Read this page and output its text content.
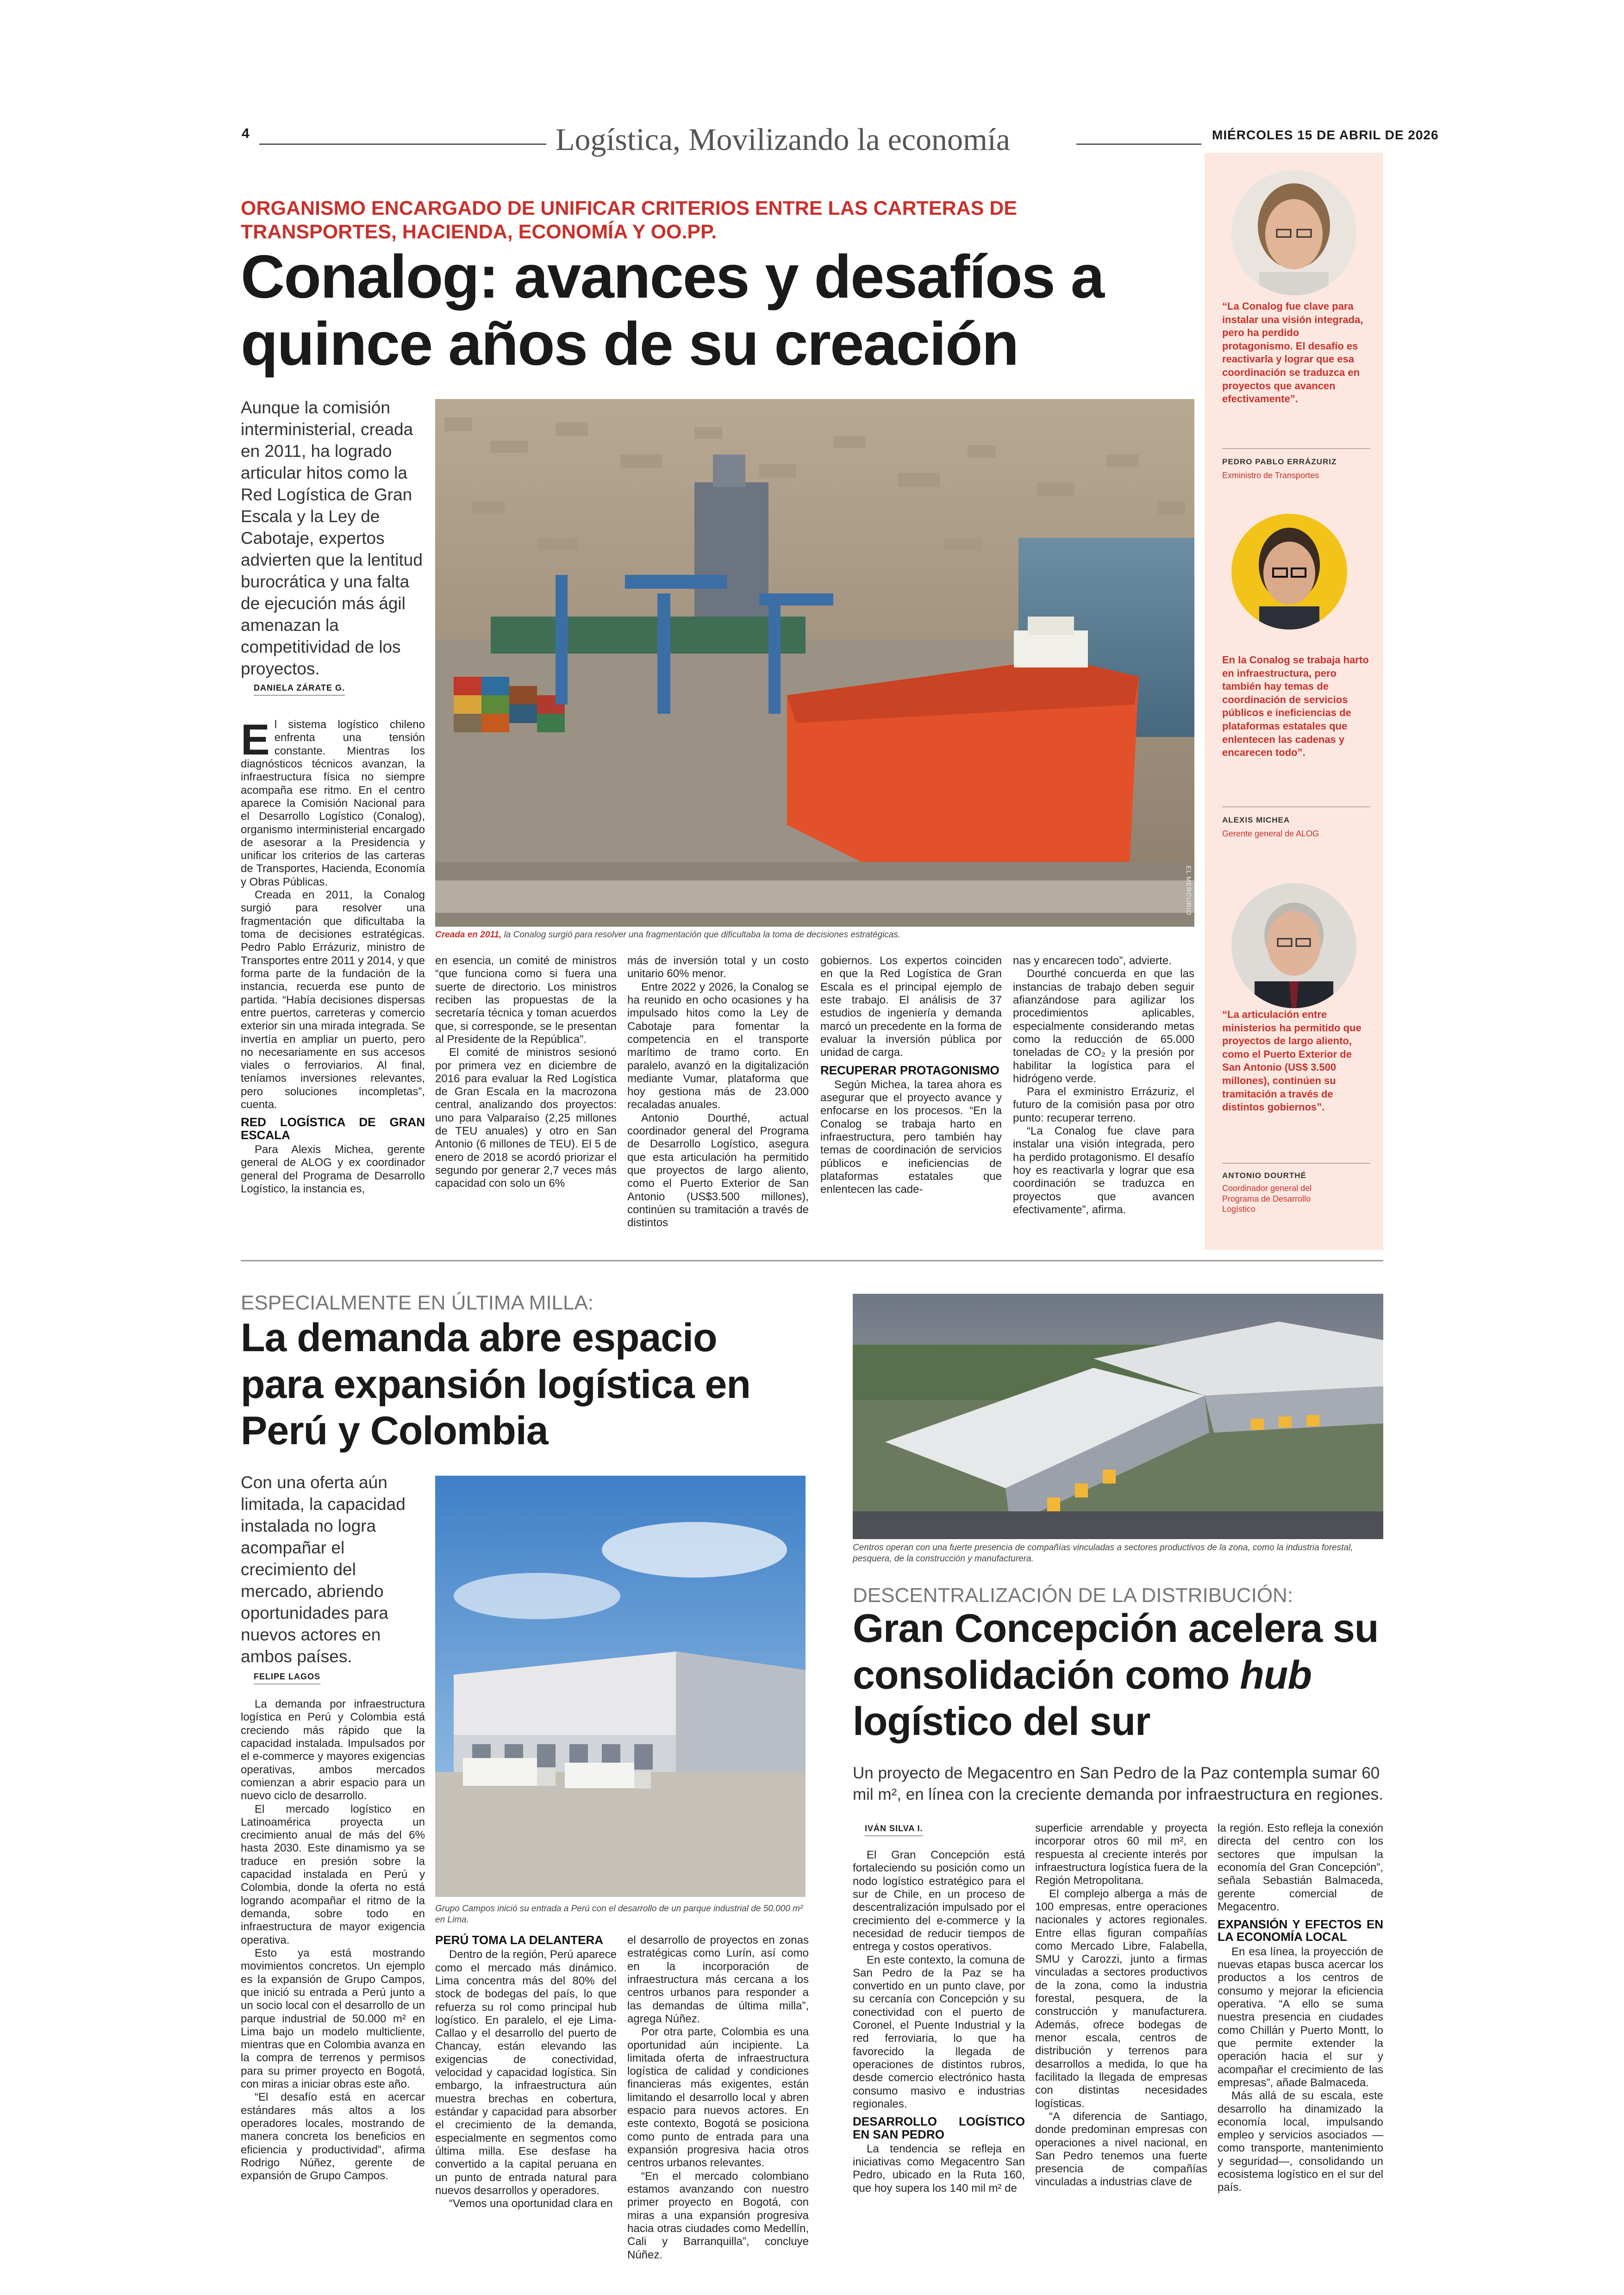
4	Logística, Movilizando la economía	MIÉRCOLES 15 DE ABRIL DE 2026
ORGANISMO ENCARGADO DE UNIFICAR CRITERIOS ENTRE LAS CARTERAS DE TRANSPORTES, HACIENDA, ECONOMÍA Y OO.PP.
Conalog: avances y desafíos a quince años de su creación
Aunque la comisión interministerial, creada en 2011, ha logrado articular hitos como la Red Logística de Gran Escala y la Ley de Cabotaje, expertos advierten que la lentitud burocrática y una falta de ejecución más ágil amenazan la competitividad de los proyectos.
DANIELA ZÁRATE G.
EL MERCURIO
Creada en 2011, la Conalog surgió para resolver una fragmentación que dificultaba la toma de decisiones estratégicas.

El sistema logístico chileno enfrenta una tensión constante. Mientras los diagnósticos técnicos avanzan, la infraestructura física no siempre acompaña ese ritmo. En el centro aparece la Comisión Nacional para el Desarrollo Logístico (Conalog), organismo interministerial encargado de asesorar a la Presidencia y unificar los criterios de las carteras de Transportes, Hacienda, Economía y Obras Públicas.

Creada en 2011, la Conalog surgió para resolver una fragmentación que dificultaba la toma de decisiones estratégicas. Pedro Pablo Errázuriz, ministro de Transportes entre 2011 y 2014, y que forma parte de la fundación de la instancia, recuerda ese punto de partida. “Había decisiones dispersas entre puertos, carreteras y comercio exterior sin una mirada integrada. Se invertía en ampliar un puerto, pero no necesariamente en sus accesos viales o ferroviarios. Al final, teníamos inversiones relevantes, pero soluciones incompletas”, cuenta.

RED LOGÍSTICA DE GRAN ESCALA

Para Alexis Michea, gerente general de ALOG y ex coordinador general del Programa de Desarrollo Logístico, la instancia es,

en esencia, un comité de ministros “que funciona como si fuera una suerte de directorio. Los ministros reciben las propuestas de la secretaría técnica y toman acuerdos que, si corresponde, se le presentan al Presidente de la República”.

El comité de ministros sesionó por primera vez en diciembre de 2016 para evaluar la Red Logística de Gran Escala en la macrozona central, analizando dos proyectos: uno para Valparaíso (2,25 millones de TEU anuales) y otro en San Antonio (6 millones de TEU). El 5 de enero de 2018 se acordó priorizar el segundo por generar 2,7 veces más capacidad con solo un 6%

más de inversión total y un costo unitario 60% menor.

Entre 2022 y 2026, la Conalog se ha reunido en ocho ocasiones y ha impulsado hitos como la Ley de Cabotaje para fomentar la competencia en el transporte marítimo de tramo corto. En paralelo, avanzó en la digitalización mediante Vumar, plataforma que hoy gestiona más de 23.000 recaladas anuales.

Antonio Dourthé, actual coordinador general del Programa de Desarrollo Logístico, asegura que esta articulación ha permitido que proyectos de largo aliento, como el Puerto Exterior de San Antonio (US$3.500 millones), continúen su tramitación a través de distintos

gobiernos. Los expertos coinciden en que la Red Logística de Gran Escala es el principal ejemplo de este trabajo. El análisis de 37 estudios de ingeniería y demanda marcó un precedente en la forma de evaluar la inversión pública por unidad de carga.

RECUPERAR PROTAGONISMO

Según Michea, la tarea ahora es asegurar que el proyecto avance y enfocarse en los procesos. “En la Conalog se trabaja harto en infraestructura, pero también hay temas de coordinación de servicios públicos e ineficiencias de plataformas estatales que enlentecen las cade-

nas y encarecen todo”, advierte.

Dourthé concuerda en que las instancias de trabajo deben seguir afianzándose para agilizar los procedimientos aplicables, especialmente considerando metas como la reducción de 65.000 toneladas de CO₂ y la presión por habilitar la logística para el hidrógeno verde.

Para el exministro Errázuriz, el futuro de la comisión pasa por otro punto: recuperar terreno.

“La Conalog fue clave para instalar una visión integrada, pero ha perdido protagonismo. El desafío hoy es reactivarla y lograr que esa coordinación se traduzca en proyectos que avancen efectivamente”, afirma.

“La Conalog fue clave para instalar una visión integrada, pero ha perdido protagonismo. El desafío es reactivarla y lograr que esa coordinación se traduzca en proyectos que avancen efectivamente”.
PEDRO PABLO ERRÁZURIZ
Exministro de Transportes
En la Conalog se trabaja harto en infraestructura, pero también hay temas de coordinación de servicios públicos e ineficiencias de plataformas estatales que enlentecen las cadenas y encarecen todo”.
ALEXIS MICHEA
Gerente general de ALOG
“La articulación entre ministerios ha permitido que proyectos de largo aliento, como el Puerto Exterior de San Antonio (US$ 3.500 millones), continúen su tramitación a través de distintos gobiernos”.
ANTONIO DOURTHÉ
Coordinador general del Programa de Desarrollo Logístico
ESPECIALMENTE EN ÚLTIMA MILLA:
La demanda abre espacio para expansión logística en Perú y Colombia
Con una oferta aún limitada, la capacidad instalada no logra acompañar el crecimiento del mercado, abriendo oportunidades para nuevos actores en ambos países.
FELIPE LAGOS
Grupo Campos inició su entrada a Perú con el desarrollo de un parque industrial de 50.000 m² en Lima.

La demanda por infraestructura logística en Perú y Colombia está creciendo más rápido que la capacidad instalada. Impulsados por el e-commerce y mayores exigencias operativas, ambos mercados comienzan a abrir espacio para un nuevo ciclo de desarrollo.

El mercado logístico en Latinoamérica proyecta un crecimiento anual de más del 6% hasta 2030. Este dinamismo ya se traduce en presión sobre la capacidad instalada en Perú y Colombia, donde la oferta no está logrando acompañar el ritmo de la demanda, sobre todo en infraestructura de mayor exigencia operativa.

Esto ya está mostrando movimientos concretos. Un ejemplo es la expansión de Grupo Campos, que inició su entrada a Perú junto a un socio local con el desarrollo de un parque industrial de 50.000 m² en Lima bajo un modelo multicliente, mientras que en Colombia avanza en la compra de terrenos y permisos para su primer proyecto en Bogotá, con miras a iniciar obras este año.

“El desafío está en acercar estándares más altos a los operadores locales, mostrando de manera concreta los beneficios en eficiencia y productividad”, afirma Rodrigo Núñez, gerente de expansión de Grupo Campos.

PERÚ TOMA LA DELANTERA

Dentro de la región, Perú aparece como el mercado más dinámico. Lima concentra más del 80% del stock de bodegas del país, lo que refuerza su rol como principal hub logístico. En paralelo, el eje Lima-Callao y el desarrollo del puerto de Chancay, están elevando las exigencias de conectividad, velocidad y capacidad logística. Sin embargo, la infraestructura aún muestra brechas en cobertura, estándar y capacidad para absorber el crecimiento de la demanda, especialmente en segmentos como última milla. Ese desfase ha convertido a la capital peruana en un punto de entrada natural para nuevos desarrollos y operadores.

“Vemos una oportunidad clara en

el desarrollo de proyectos en zonas estratégicas como Lurín, así como en la incorporación de infraestructura más cercana a los centros urbanos para responder a las demandas de última milla”, agrega Núñez.

Por otra parte, Colombia es una oportunidad aún incipiente. La limitada oferta de infraestructura logística de calidad y condiciones financieras más exigentes, están limitando el desarrollo local y abren espacio para nuevos actores. En este contexto, Bogotá se posiciona como punto de entrada para una expansión progresiva hacia otros centros urbanos relevantes.

“En el mercado colombiano estamos avanzando con nuestro primer proyecto en Bogotá, con miras a una expansión progresiva hacia otras ciudades como Medellín, Cali y Barranquilla”, concluye Núñez.

Centros operan con una fuerte presencia de compañías vinculadas a sectores productivos de la zona, como la industria forestal, pesquera, de la construcción y manufacturera.
DESCENTRALIZACIÓN DE LA DISTRIBUCIÓN:
Gran Concepción acelera su consolidación como hub logístico del sur
Un proyecto de Megacentro en San Pedro de la Paz contempla sumar 60 mil m², en línea con la creciente demanda por infraestructura en regiones.
IVÁN SILVA I.

El Gran Concepción está fortaleciendo su posición como un nodo logístico estratégico para el sur de Chile, en un proceso de descentralización impulsado por el crecimiento del e-commerce y la necesidad de reducir tiempos de entrega y costos operativos.

En este contexto, la comuna de San Pedro de la Paz se ha convertido en un punto clave, por su cercanía con Concepción y su conectividad con el puerto de Coronel, el Puente Industrial y la red ferroviaria, lo que ha favorecido la llegada de operaciones de distintos rubros, desde comercio electrónico hasta consumo masivo e industrias regionales.

DESARROLLO LOGÍSTICO EN SAN PEDRO

La tendencia se refleja en iniciativas como Megacentro San Pedro, ubicado en la Ruta 160, que hoy supera los 140 mil m² de

superficie arrendable y proyecta incorporar otros 60 mil m², en respuesta al creciente interés por infraestructura logística fuera de la Región Metropolitana.

El complejo alberga a más de 100 empresas, entre operaciones nacionales y actores regionales. Entre ellas figuran compañías como Mercado Libre, Falabella, SMU y Carozzi, junto a firmas vinculadas a sectores productivos de la zona, como la industria forestal, pesquera, de la construcción y manufacturera. Además, ofrece bodegas de menor escala, centros de distribución y terrenos para desarrollos a medida, lo que ha facilitado la llegada de empresas con distintas necesidades logísticas.

“A diferencia de Santiago, donde predominan empresas con operaciones a nivel nacional, en San Pedro tenemos una fuerte presencia de compañías vinculadas a industrias clave de

la región. Esto refleja la conexión directa del centro con los sectores que impulsan la economía del Gran Concepción”, señala Sebastián Balmaceda, gerente comercial de Megacentro.

EXPANSIÓN Y EFECTOS EN LA ECONOMÍA LOCAL

En esa línea, la proyección de nuevas etapas busca acercar los productos a los centros de consumo y mejorar la eficiencia operativa. “A ello se suma nuestra presencia en ciudades como Chillán y Puerto Montt, lo que permite extender la operación hacia el sur y acompañar el crecimiento de las empresas”, añade Balmaceda.

Más allá de su escala, este desarrollo ha dinamizado la economía local, impulsando empleo y servicios asociados —como transporte, mantenimiento y seguridad—, consolidando un ecosistema logístico en el sur del país.
